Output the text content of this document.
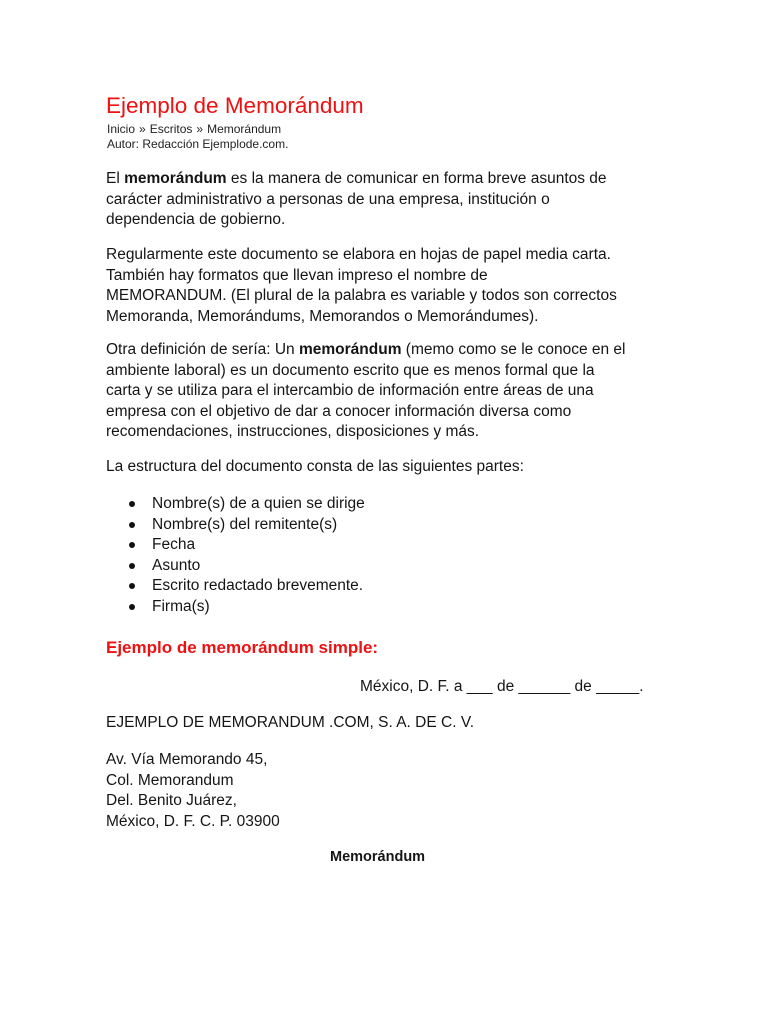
Ejemplo de Memorándum
Inicio » Escritos » Memorándum
Autor: Redacción Ejemplode.com.

El memorándum es la manera de comunicar en forma breve asuntos de
carácter administrativo a personas de una empresa, institución o
dependencia de gobierno.

Regularmente este documento se elabora en hojas de papel media carta.
También hay formatos que llevan impreso el nombre de
MEMORANDUM. (El plural de la palabra es variable y todos son correctos
Memoranda, Memorándums, Memorandos o Memorándumes).

Otra definición de sería: Un memorándum (memo como se le conoce en el
ambiente laboral) es un documento escrito que es menos formal que la
carta y se utiliza para el intercambio de información entre áreas de una
empresa con el objetivo de dar a conocer información diversa como
recomendaciones, instrucciones, disposiciones y más.

La estructura del documento consta de las siguientes partes:

Nombre(s) de a quien se dirige
Nombre(s) del remitente(s)
Fecha
Asunto
Escrito redactado brevemente.
Firma(s)
Ejemplo de memorándum simple:
México, D. F. a ___ de ______ de _____.
EJEMPLO DE MEMORANDUM .COM, S. A. DE C. V.
Av. Vía Memorando 45,
Col. Memorandum
Del. Benito Juárez,
México, D. F. C. P. 03900
Memorándum
